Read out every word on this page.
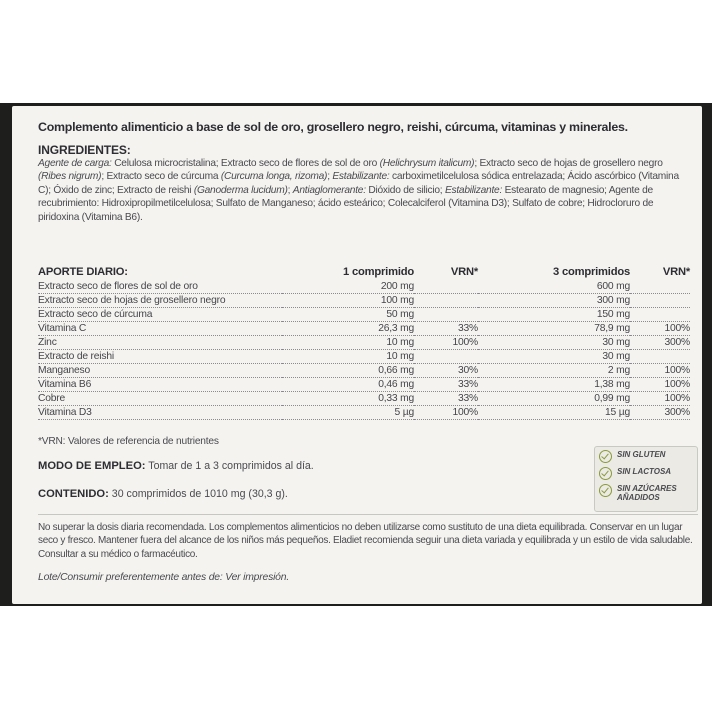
Complemento alimenticio a base de sol de oro, grosellero negro, reishi, cúrcuma, vitaminas y minerales.
INGREDIENTES:
Agente de carga: Celulosa microcristalina; Extracto seco de flores de sol de oro (Helichrysum italicum); Extracto seco de hojas de grosellero negro (Ribes nigrum); Extracto seco de cúrcuma (Curcuma longa, rizoma); Estabilizante: carboximetilcelulosa sódica entrelazada; Ácido ascórbico (Vitamina C); Óxido de zinc; Extracto de reishi (Ganoderma lucidum); Antiaglomerante: Dióxido de silicio; Estabilizante: Estearato de magnesio; Agente de recubrimiento: Hidroxipropilmetilcelulosa; Sulfato de Manganeso; ácido esteárico; Colecalciferol (Vitamina D3); Sulfato de cobre; Hidrocloruro de piridoxina (Vitamina B6).
APORTE DIARIO:	1 comprimido	VRN*	3 comprimidos	VRN*
Extracto seco de flores de sol de oro	200 mg		600 mg	
Extracto seco de hojas de grosellero negro	100 mg		300 mg	
Extracto seco de cúrcuma	50 mg		150 mg	
Vitamina C	26,3 mg	33%	78,9 mg	100%
Zinc	10 mg	100%	30 mg	300%
Extracto de reishi	10 mg		30 mg	
Manganeso	0,66 mg	30%	2 mg	100%
Vitamina B6	0,46 mg	33%	1,38 mg	100%
Cobre	0,33 mg	33%	0,99 mg	100%
Vitamina D3	5 µg	100%	15 µg	300%
*VRN: Valores de referencia de nutrientes
MODO DE EMPLEO: Tomar de 1 a 3 comprimidos al día.
CONTENIDO: 30 comprimidos de 1010 mg (30,3 g).
SIN GLUTEN
SIN LACTOSA
SIN AZÚCARES AÑADIDOS
No superar la dosis diaria recomendada. Los complementos alimenticios no deben utilizarse como sustituto de una dieta equilibrada. Conservar en un lugar seco y fresco. Mantener fuera del alcance de los niños más pequeños. Eladiet recomienda seguir una dieta variada y equilibrada y un estilo de vida saludable. Consultar a su médico o farmacéutico.
Lote/Consumir preferentemente antes de: Ver impresión.
